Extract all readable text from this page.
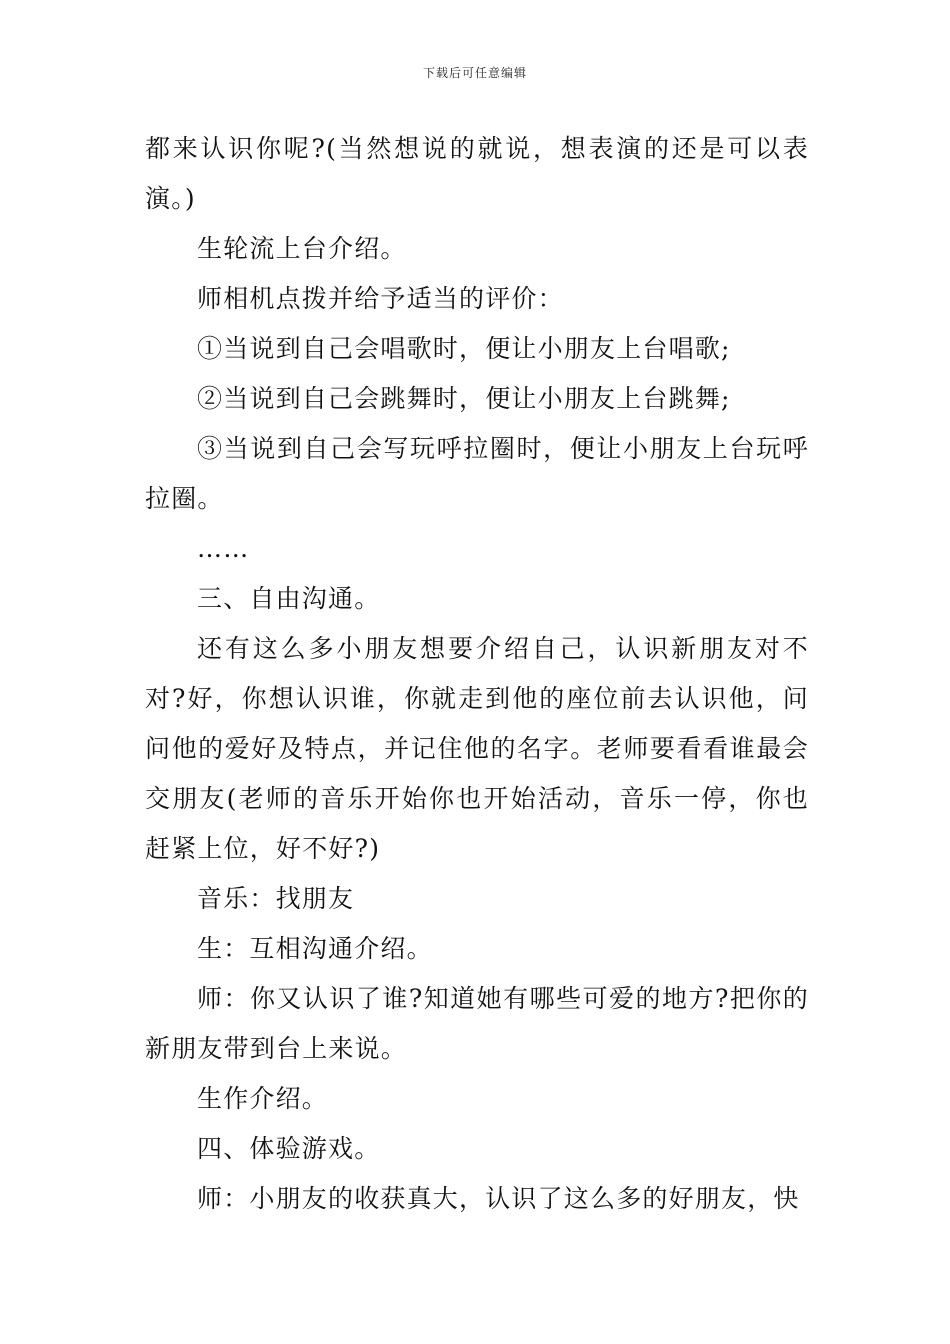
下载后可任意编辑

都来认识你呢?(当然想说的就说，想表演的还是可以表演。)

生轮流上台介绍。

师相机点拨并给予适当的评价：

①当说到自己会唱歌时，便让小朋友上台唱歌;

②当说到自己会跳舞时，便让小朋友上台跳舞;

③当说到自己会写玩呼拉圈时，便让小朋友上台玩呼拉圈。

……

三、自由沟通。

还有这么多小朋友想要介绍自己，认识新朋友对不对?好，你想认识谁，你就走到他的座位前去认识他，问问他的爱好及特点，并记住他的名字。老师要看看谁最会交朋友(老师的音乐开始你也开始活动，音乐一停，你也赶紧上位，好不好?)

音乐：找朋友

生：互相沟通介绍。

师：你又认识了谁?知道她有哪些可爱的地方?把你的新朋友带到台上来说。

生作介绍。

四、体验游戏。

师：小朋友的收获真大，认识了这么多的好朋友，快
